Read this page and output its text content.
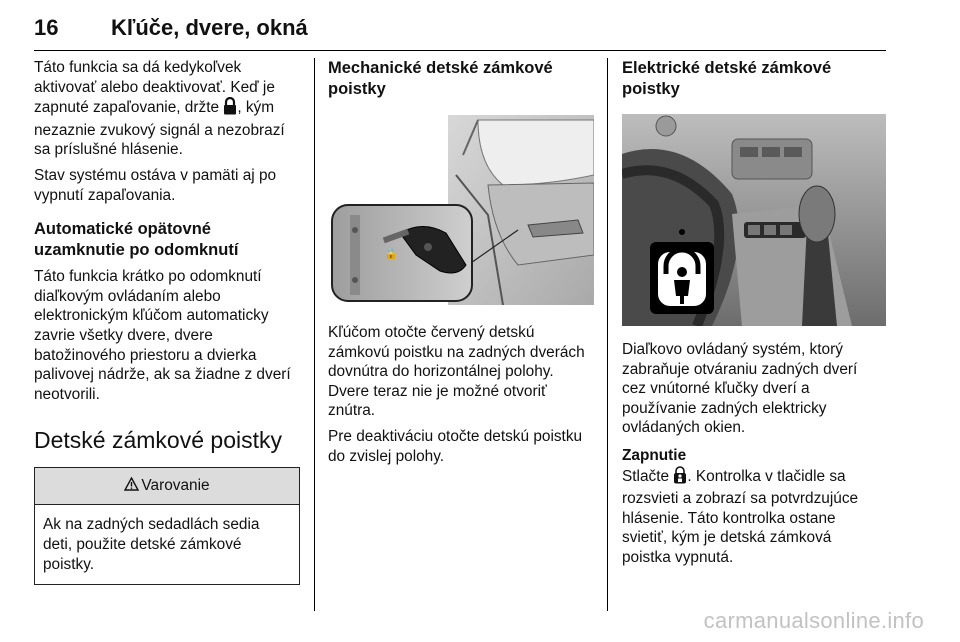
16 Kľúče, dvere, okná

Táto funkcia sa dá kedykoľvek
aktivovať alebo deaktivovať. Keď je
zapnuté zapaľovanie, držte , kým
nezaznie zvukový signál a nezobrazí
sa príslušné hlásenie.

Stav systému ostáva v pamäti aj po
vypnutí zapaľovania.

Automatické opätovné
uzamknutie po odomknutí

Táto funkcia krátko po odomknutí
diaľkovým ovládaním alebo
elektronickým kľúčom automaticky
zavrie všetky dvere, dvere
batožinového priestoru a dvierka
palivovej nádrže, ak sa žiadne z dverí
neotvorili.

Detské zámkové poistky
Varovanie

Ak na zadných sedadlách sedia
deti, použite detské zámkové
poistky.

Mechanické detské zámkové
poistky
🔒

Kľúčom otočte červený detskú
zámkovú poistku na zadných dverách
dovnútra do horizontálnej polohy.
Dvere teraz nie je možné otvoriť
znútra.

Pre deaktiváciu otočte detskú poistku
do zvislej polohy.

Elektrické detské zámkové
poistky

Diaľkovo ovládaný systém, ktorý
zabraňuje otváraniu zadných dverí
cez vnútorné kľučky dverí a
používanie zadných elektricky
ovládaných okien.

Zapnutie

Stlačte . Kontrolka v tlačidle sa
rozsvieti a zobrazí sa potvrdzujúce
hlásenie. Táto kontrolka ostane
svietiť, kým je detská zámková
poistka vypnutá.

carmanualsonline.info
